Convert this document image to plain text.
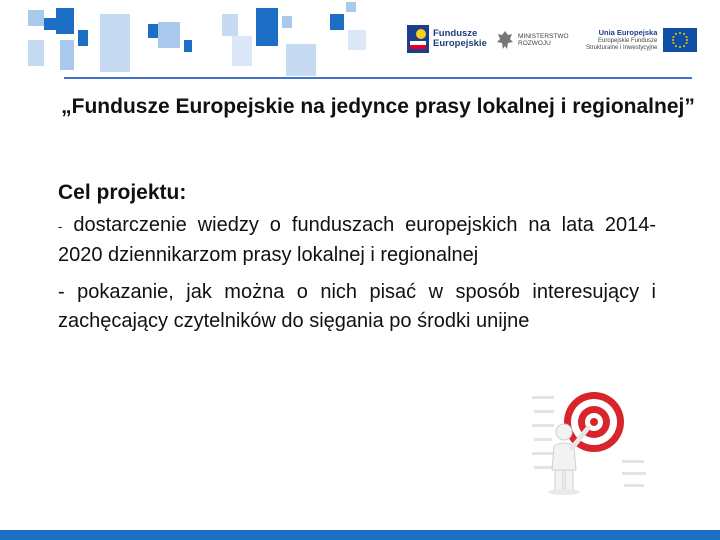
Fundusze
Europejskie
MINISTERSTWO
ROZWOJU
Unia Europejska
Europejskie Fundusze
Strukturalne i Inwestycyjne
„Fundusze Europejskie na jedynce prasy lokalnej i regionalnej”
Cel projektu:

- dostarczenie wiedzy o funduszach europejskich na lata 2014-2020 dziennikarzom prasy lokalnej i regionalnej

- pokazanie, jak można o nich pisać w sposób interesujący i zachęcający czytelników do sięgania po środki unijne
